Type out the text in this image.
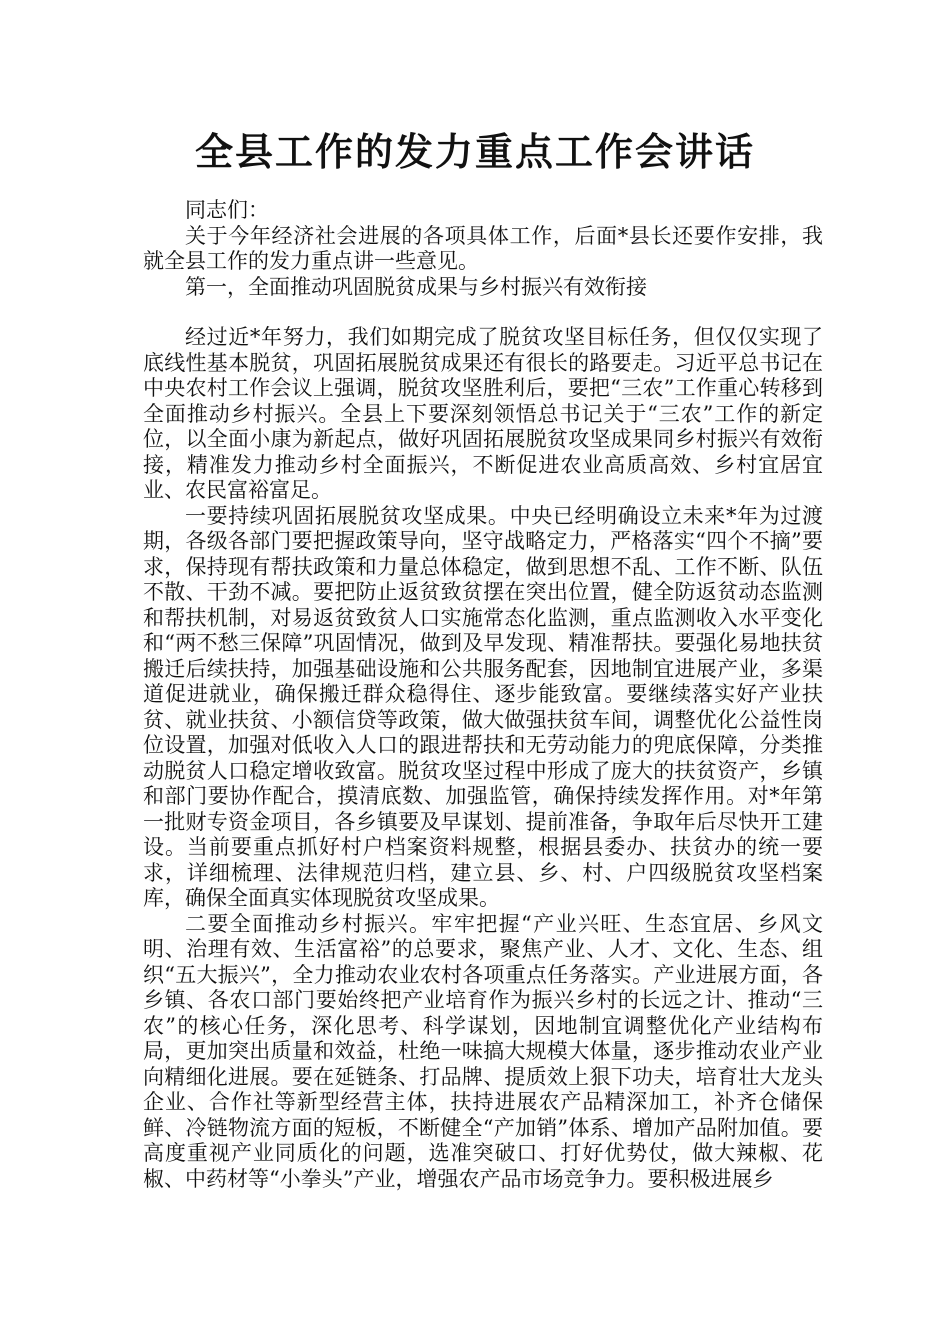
全县工作的发力重点工作会讲话

同志们：

关于今年经济社会进展的各项具体工作，后面*县长还要作安排，我就全县工作的发力重点讲一些意见。

第一，全面推动巩固脱贫成果与乡村振兴有效衔接

经过近*年努力，我们如期完成了脱贫攻坚目标任务，但仅仅实现了底线性基本脱贫，巩固拓展脱贫成果还有很长的路要走。习近平总书记在中央农村工作会议上强调，脱贫攻坚胜利后，要把“三农”工作重心转移到全面推动乡村振兴。全县上下要深刻领悟总书记关于“三农”工作的新定位，以全面小康为新起点，做好巩固拓展脱贫攻坚成果同乡村振兴有效衔接，精准发力推动乡村全面振兴，不断促进农业高质高效、乡村宜居宜业、农民富裕富足。

一要持续巩固拓展脱贫攻坚成果。中央已经明确设立未来*年为过渡期，各级各部门要把握政策导向，坚守战略定力，严格落实“四个不摘”要求，保持现有帮扶政策和力量总体稳定，做到思想不乱、工作不断、队伍不散、干劲不减。要把防止返贫致贫摆在突出位置，健全防返贫动态监测和帮扶机制，对易返贫致贫人口实施常态化监测，重点监测收入水平变化和“两不愁三保障”巩固情况，做到及早发现、精准帮扶。要强化易地扶贫搬迁后续扶持，加强基础设施和公共服务配套，因地制宜进展产业，多渠道促进就业，确保搬迁群众稳得住、逐步能致富。要继续落实好产业扶贫、就业扶贫、小额信贷等政策，做大做强扶贫车间，调整优化公益性岗位设置，加强对低收入人口的跟进帮扶和无劳动能力的兜底保障，分类推动脱贫人口稳定增收致富。脱贫攻坚过程中形成了庞大的扶贫资产，乡镇和部门要协作配合，摸清底数、加强监管，确保持续发挥作用。对*年第一批财专资金项目，各乡镇要及早谋划、提前准备，争取年后尽快开工建设。当前要重点抓好村户档案资料规整，根据县委办、扶贫办的统一要求，详细梳理、法律规范归档，建立县、乡、村、户四级脱贫攻坚档案库，确保全面真实体现脱贫攻坚成果。

二要全面推动乡村振兴。牢牢把握“产业兴旺、生态宜居、乡风文明、治理有效、生活富裕”的总要求，聚焦产业、人才、文化、生态、组织“五大振兴”，全力推动农业农村各项重点任务落实。产业进展方面，各乡镇、各农口部门要始终把产业培育作为振兴乡村的长远之计、推动“三农”的核心任务，深化思考、科学谋划，因地制宜调整优化产业结构布局，更加突出质量和效益，杜绝一味搞大规模大体量，逐步推动农业产业向精细化进展。要在延链条、打品牌、提质效上狠下功夫，培育壮大龙头企业、合作社等新型经营主体，扶持进展农产品精深加工，补齐仓储保鲜、冷链物流方面的短板，不断健全“产加销”体系、增加产品附加值。要高度重视产业同质化的问题，选准突破口、打好优势仗，做大辣椒、花椒、中药材等“小拳头”产业，增强农产品市场竞争力。要积极进展乡
